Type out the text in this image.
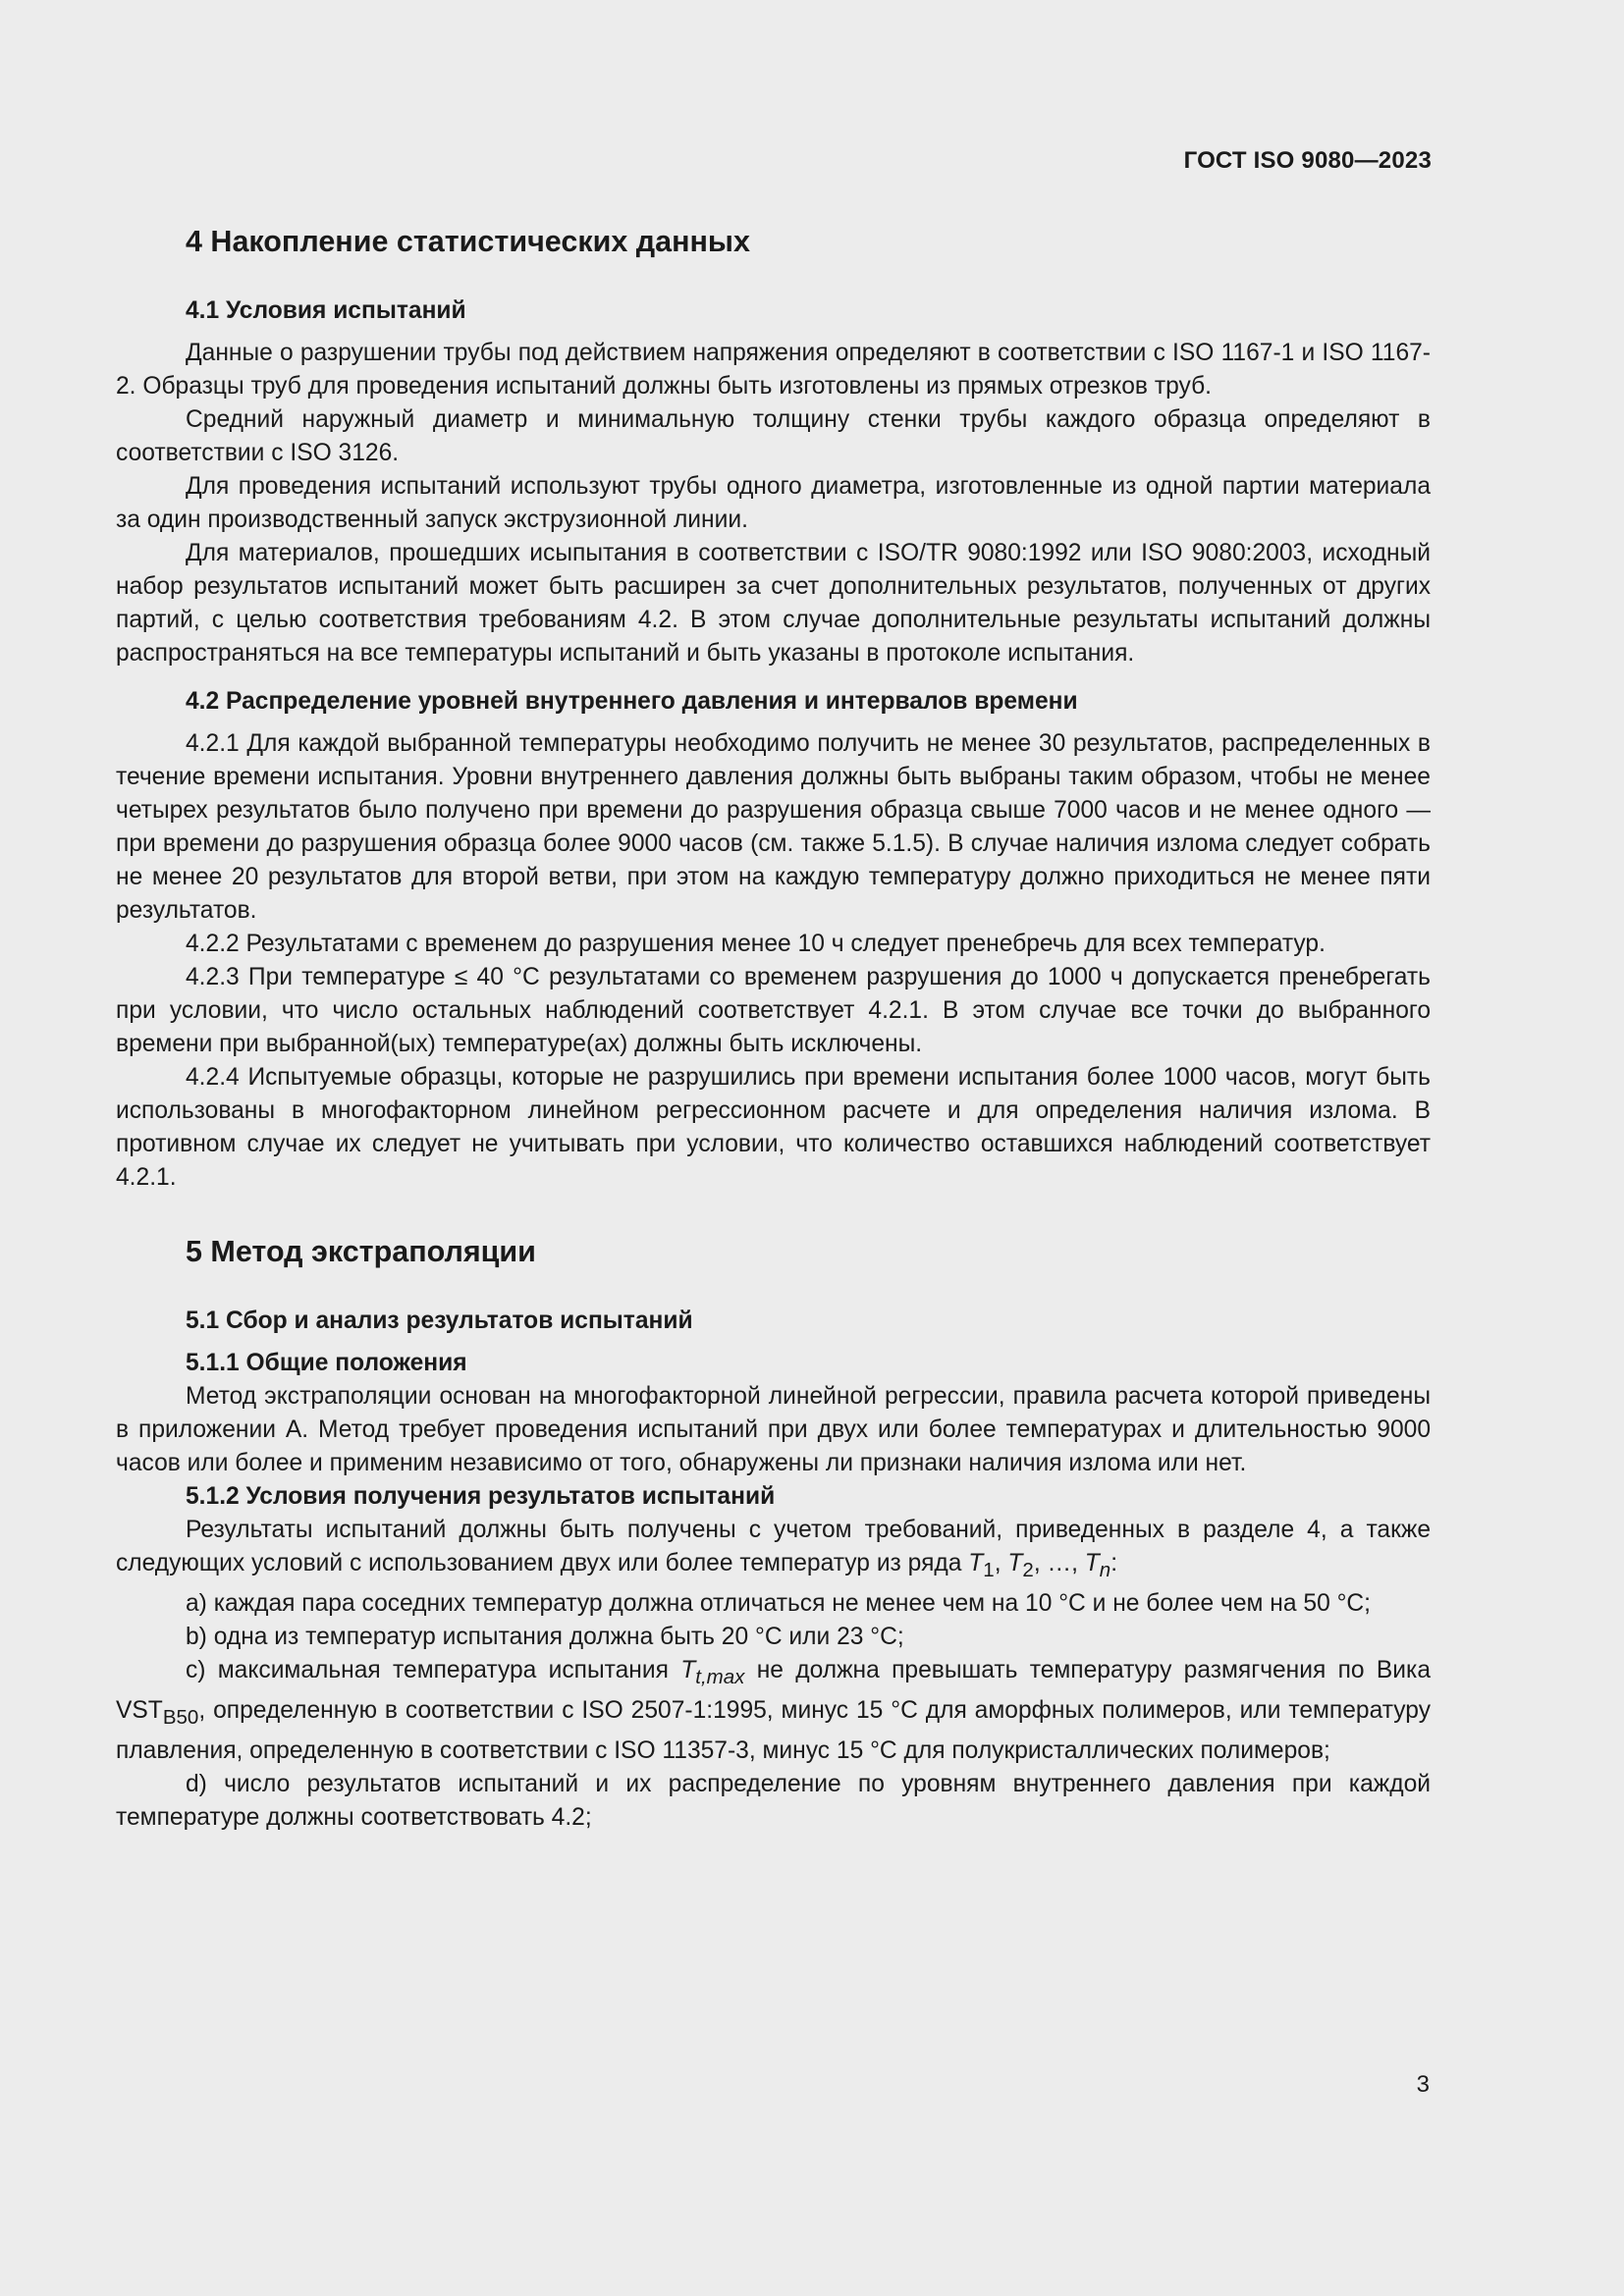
ГОСТ ISO 9080—2023
4 Накопление статистических данных
4.1 Условия испытаний

Данные о разрушении трубы под действием напряжения определяют в соответствии с ISO 1167-1 и ISO 1167-2. Образцы труб для проведения испытаний должны быть изготовлены из прямых отрезков труб.

Средний наружный диаметр и минимальную толщину стенки трубы каждого образца определяют в соответствии с ISO 3126.

Для проведения испытаний используют трубы одного диаметра, изготовленные из одной партии материала за один производственный запуск экструзионной линии.

Для материалов, прошедших исыпытания в соответствии с ISO/TR 9080:1992 или ISO 9080:2003, исходный набор результатов испытаний может быть расширен за счет дополнительных результатов, полученных от других партий, с целью соответствия требованиям 4.2. В этом случае дополнительные результаты испытаний должны распространяться на все температуры испытаний и быть указаны в протоколе испытания.

4.2 Распределение уровней внутреннего давления и интервалов времени

4.2.1 Для каждой выбранной температуры необходимо получить не менее 30 результатов, распределенных в течение времени испытания. Уровни внутреннего давления должны быть выбраны таким образом, чтобы не менее четырех результатов было получено при времени до разрушения образца свыше 7000 часов и не менее одного — при времени до разрушения образца более 9000 часов (см. также 5.1.5). В случае наличия излома следует собрать не менее 20 результатов для второй ветви, при этом на каждую температуру должно приходиться не менее пяти результатов.

4.2.2 Результатами с временем до разрушения менее 10 ч следует пренебречь для всех температур.

4.2.3 При температуре ≤ 40 °С результатами со временем разрушения до 1000 ч допускается пренебрегать при условии, что число остальных наблюдений соответствует 4.2.1. В этом случае все точки до выбранного времени при выбранной(ых) температуре(ах) должны быть исключены.

4.2.4 Испытуемые образцы, которые не разрушились при времени испытания более 1000 часов, могут быть использованы в многофакторном линейном регрессионном расчете и для определения наличия излома. В противном случае их следует не учитывать при условии, что количество оставшихся наблюдений соответствует 4.2.1.

5 Метод экстраполяции
5.1 Сбор и анализ результатов испытаний
5.1.1 Общие положения

Метод экстраполяции основан на многофакторной линейной регрессии, правила расчета которой приведены в приложении А. Метод требует проведения испытаний при двух или более температурах и длительностью 9000 часов или более и применим независимо от того, обнаружены ли признаки наличия излома или нет.

5.1.2 Условия получения результатов испытаний

Результаты испытаний должны быть получены с учетом требований, приведенных в разделе 4, а также следующих условий с использованием двух или более температур из ряда $T_1$, $T_2$, …, $T_n$:

а) каждая пара соседних температур должна отличаться не менее чем на 10 °С и не более чем на 50 °С;

b) одна из температур испытания должна быть 20 °С или 23 °С;

с) максимальная температура испытания $T_{t,max}$ не должна превышать температуру размягчения по Вика $VST_{B50}$, определенную в соответствии с ISO 2507-1:1995, минус 15 °С для аморфных полимеров, или температуру плавления, определенную в соответствии с ISO 11357-3, минус 15 °С для полукристаллических полимеров;

d) число результатов испытаний и их распределение по уровням внутреннего давления при каждой температуре должны соответствовать 4.2;

3
